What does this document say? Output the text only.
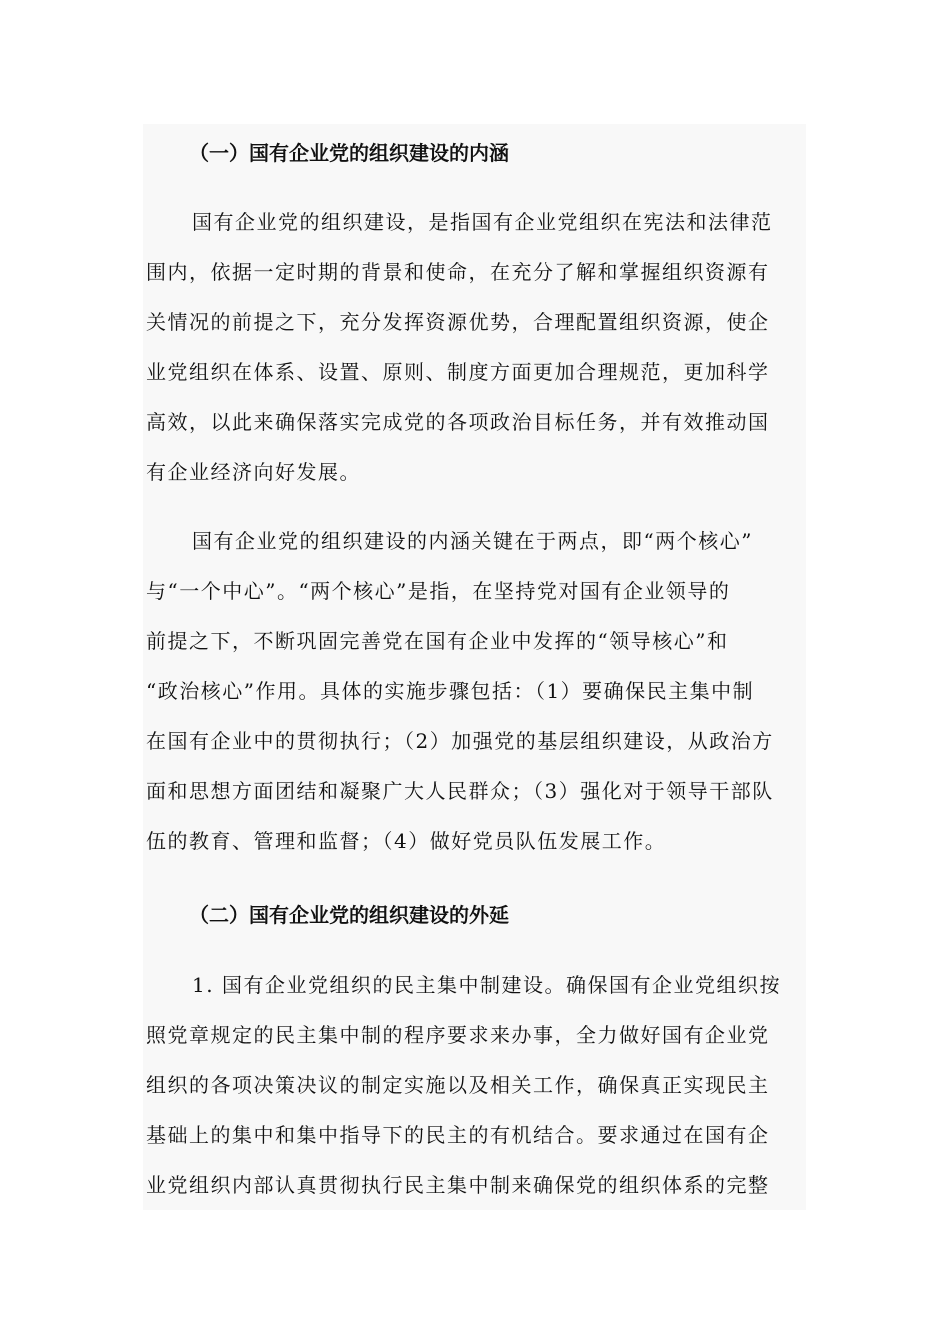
（一）国有企业党的组织建设的内涵
国有企业党的组织建设，是指国有企业党组织在宪法和法律范
围内，依据一定时期的背景和使命，在充分了解和掌握组织资源有
关情况的前提之下，充分发挥资源优势，合理配置组织资源，使企
业党组织在体系、设置、原则、制度方面更加合理规范，更加科学
高效，以此来确保落实完成党的各项政治目标任务，并有效推动国
有企业经济向好发展。
国有企业党的组织建设的内涵关键在于两点，即“两个核心”
与“一个中心”。“两个核心”是指，在坚持党对国有企业领导的
前提之下，不断巩固完善党在国有企业中发挥的“领导核心”和
“政治核心”作用。具体的实施步骤包括：（1）要确保民主集中制
在国有企业中的贯彻执行；（2）加强党的基层组织建设，从政治方
面和思想方面团结和凝聚广大人民群众；（3）强化对于领导干部队
伍的教育、管理和监督；（4）做好党员队伍发展工作。
（二）国有企业党的组织建设的外延
1. 国有企业党组织的民主集中制建设。确保国有企业党组织按
照党章规定的民主集中制的程序要求来办事，全力做好国有企业党
组织的各项决策决议的制定实施以及相关工作，确保真正实现民主
基础上的集中和集中指导下的民主的有机结合。要求通过在国有企
业党组织内部认真贯彻执行民主集中制来确保党的组织体系的完整
